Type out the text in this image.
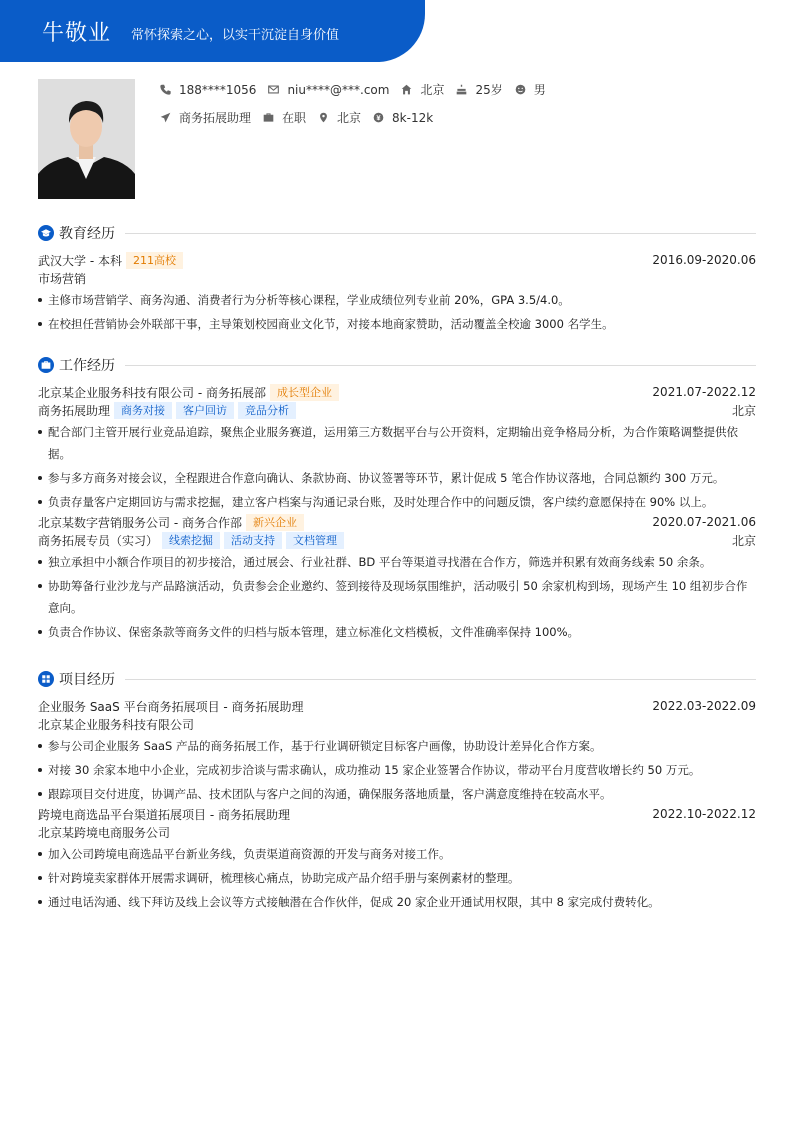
牛敬业 常怀探索之心，以实干沉淀自身价值
188****1056	niu****@***.com	北京	25岁	男
商务拓展助理	在职	北京	8k-12k
教育经历
武汉大学 - 本科	211高校	2016.09-2020.06
市场营销
主修市场营销学、商务沟通、消费者行为分析等核心课程，学业成绩位列专业前 20%，GPA 3.5/4.0。
在校担任营销协会外联部干事，主导策划校园商业文化节，对接本地商家赞助，活动覆盖全校逾 3000 名学生。
工作经历
北京某企业服务科技有限公司 - 商务拓展部	成长型企业	2021.07-2022.12
商务拓展助理	商务对接	客户回访	竞品分析	北京
配合部门主管开展行业竞品追踪，聚焦企业服务赛道，运用第三方数据平台与公开资料，定期输出竞争格局分析，为合作策略调整提供依据。
参与多方商务对接会议，全程跟进合作意向确认、条款协商、协议签署等环节，累计促成 5 笔合作协议落地，合同总额约 300 万元。
负责存量客户定期回访与需求挖掘，建立客户档案与沟通记录台账，及时处理合作中的问题反馈，客户续约意愿保持在 90% 以上。
北京某数字营销服务公司 - 商务合作部	新兴企业	2020.07-2021.06
商务拓展专员（实习）	线索挖掘	活动支持	文档管理	北京
独立承担中小额合作项目的初步接洽，通过展会、行业社群、BD 平台等渠道寻找潜在合作方，筛选并积累有效商务线索 50 余条。
协助筹备行业沙龙与产品路演活动，负责参会企业邀约、签到接待及现场氛围维护，活动吸引 50 余家机构到场，现场产生 10 组初步合作意向。
负责合作协议、保密条款等商务文件的归档与版本管理，建立标准化文档模板，文件准确率保持 100%。
项目经历
企业服务 SaaS 平台商务拓展项目 - 商务拓展助理	2022.03-2022.09
北京某企业服务科技有限公司
参与公司企业服务 SaaS 产品的商务拓展工作，基于行业调研锁定目标客户画像，协助设计差异化合作方案。
对接 30 余家本地中小企业，完成初步洽谈与需求确认，成功推动 15 家企业签署合作协议，带动平台月度营收增长约 50 万元。
跟踪项目交付进度，协调产品、技术团队与客户之间的沟通，确保服务落地质量，客户满意度维持在较高水平。
跨境电商选品平台渠道拓展项目 - 商务拓展助理	2022.10-2022.12
北京某跨境电商服务公司
加入公司跨境电商选品平台新业务线，负责渠道商资源的开发与商务对接工作。
针对跨境卖家群体开展需求调研，梳理核心痛点，协助完成产品介绍手册与案例素材的整理。
通过电话沟通、线下拜访及线上会议等方式接触潜在合作伙伴，促成 20 家企业开通试用权限，其中 8 家完成付费转化。
